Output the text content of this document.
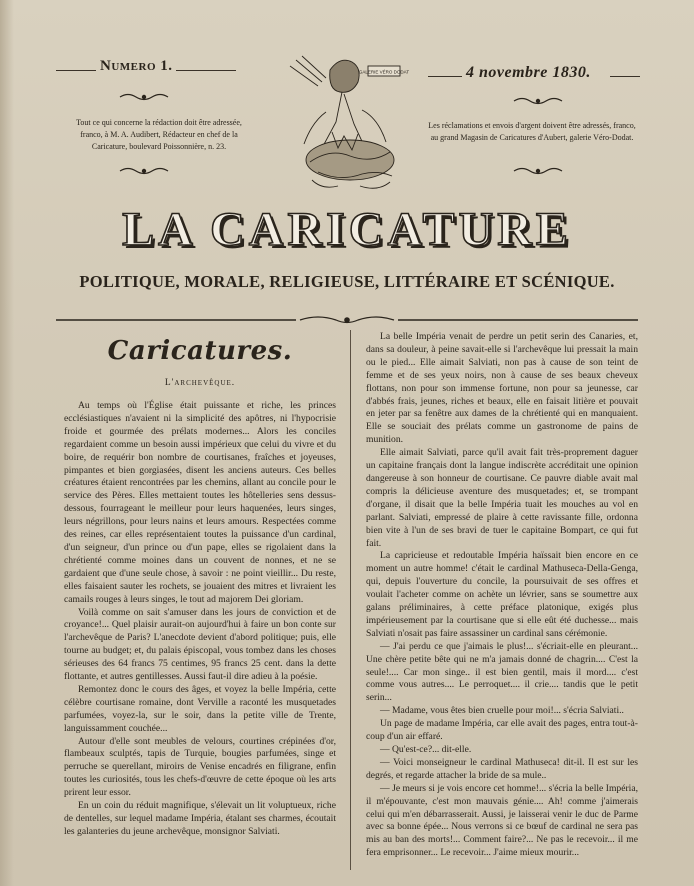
Numero 1.	4 novembre 1830.
Tout ce qui concerne la rédaction doit être adressée, franco, à M. A. Audibert, Rédacteur en chef de la Caricature, boulevard Poissonnière, n. 23.
Les réclamations et envois d'argent doivent être adressés, franco, au grand Magasin de Caricatures d'Aubert, galerie Véro-Dodat.
GALERIE VÉRO DODAT
LA CARICATURE
POLITIQUE, MORALE, RELIGIEUSE, LITTÉRAIRE ET SCÉNIQUE.
Caricatures.
L'archevêque.

Au temps où l'Église était puissante et riche, les princes ecclésiastiques n'avaient ni la simplicité des apôtres, ni l'hypocrisie froide et gourmée des prélats modernes... Alors les conciles regardaient comme un besoin aussi impérieux que celui du vivre et du boire, de requérir bon nombre de courtisanes, fraîches et joyeuses, pimpantes et bien gorgiasées, disent les anciens auteurs. Ces belles créatures étaient rencontrées par les chemins, allant au concile pour le service des Pères. Elles mettaient toutes les hôtelleries sens dessus-dessous, fourrageant le meilleur pour leurs haquenées, leurs singes, leurs négrillons, pour leurs nains et leurs amours. Respectées comme des reines, car elles représentaient toutes la puissance d'un cardinal, d'un seigneur, d'un prince ou d'un pape, elles se rigolaient dans la chrétienté comme moines dans un couvent de nonnes, et ne se gardaient que d'une seule chose, à savoir : ne point vieillir... Du reste, elles faisaient sauter les rochets, se jouaient des mitres et livraient les camails rouges à leurs singes, le tout ad majorem Dei gloriam.

Voilà comme on sait s'amuser dans les jours de conviction et de croyance!... Quel plaisir aurait-on aujourd'hui à faire un bon conte sur l'archevêque de Paris? L'anecdote devient d'abord politique; puis, elle tourne au budget; et, du palais épiscopal, vous tombez dans les choses sérieuses des 64 francs 75 centimes, 95 francs 25 cent. dans la dette flottante, et autres gentillesses. Aussi faut-il dire adieu à la poésie.

Remontez donc le cours des âges, et voyez la belle Impéria, cette célèbre courtisane romaine, dont Verville a raconté les musquetades parfumées, voyez-la, sur le soir, dans la petite ville de Trente, languissamment couchée...

Autour d'elle sont meubles de velours, courtines crépinées d'or, flambeaux sculptés, tapis de Turquie, bougies parfumées, singe et perruche se querellant, miroirs de Venise encadrés en filigrane, enfin toutes les curiosités, tous les chefs-d'œuvre de cette époque où les arts prirent leur essor.

En un coin du réduit magnifique, s'élevait un lit voluptueux, riche de dentelles, sur lequel madame Impéria, étalant ses charmes, écoutait les galanteries du jeune archevêque, monsignor Salviati.

La belle Impéria venait de perdre un petit serin des Canaries, et, dans sa douleur, à peine savait-elle si l'archevêque lui pressait la main ou le pied... Elle aimait Salviati, non pas à cause de son teint de femme et de ses yeux noirs, non à cause de ses beaux cheveux flottans, non pour son immense fortune, non pour sa jeunesse, car d'abbés frais, jeunes, riches et beaux, elle en faisait litière et pouvait en jeter par sa fenêtre aux dames de la chrétienté qui en manquaient. Elle se souciait des prélats comme un gastronome de pains de munition.

Elle aimait Salviati, parce qu'il avait fait très-proprement daguer un capitaine français dont la langue indiscrète accréditait une opinion dangereuse à son honneur de courtisane. Ce pauvre diable avait mal compris la délicieuse aventure des musquetades; et, se trompant d'organe, il disait que la belle Impéria tuait les mouches au vol en parlant. Salviati, empressé de plaire à cette ravissante fille, ordonna bien vite à l'un de ses bravi de tuer le capitaine Bompart, ce qui fut fait.

La capricieuse et redoutable Impéria haïssait bien encore en ce moment un autre homme! c'était le cardinal Mathuseca-Della-Genga, qui, depuis l'ouverture du concile, la poursuivait de ses offres et voulait l'acheter comme on achète un lévrier, sans se soumettre aux galans préliminaires, à cette préface platonique, exigés plus impérieusement par la courtisane que si elle eût été duchesse... mais Salviati n'osait pas faire assassiner un cardinal sans cérémonie.

— J'ai perdu ce que j'aimais le plus!... s'écriait-elle en pleurant... Une chère petite bête qui ne m'a jamais donné de chagrin.... C'est la seule!.... Car mon singe.. il est bien gentil, mais il mord.... c'est comme vous autres.... Le perroquet.... il crie.... tandis que le petit serin...

— Madame, vous êtes bien cruelle pour moi!... s'écria Salviati..

Un page de madame Impéria, car elle avait des pages, entra tout-à-coup d'un air effaré.

— Qu'est-ce?... dit-elle.

— Voici monseigneur le cardinal Mathuseca! dit-il. Il est sur les degrés, et regarde attacher la bride de sa mule..

— Je meurs si je vois encore cet homme!... s'écria la belle Impéria, il m'épouvante, c'est mon mauvais génie.... Ah! comme j'aimerais celui qui m'en débarrasserait. Aussi, je laisserai venir le duc de Parme avec sa bonne épée... Nous verrons si ce bœuf de cardinal ne sera pas mis au ban des morts!... Comment faire?... Ne pas le recevoir... il me fera emprisonner... Le recevoir... J'aime mieux mourir...
